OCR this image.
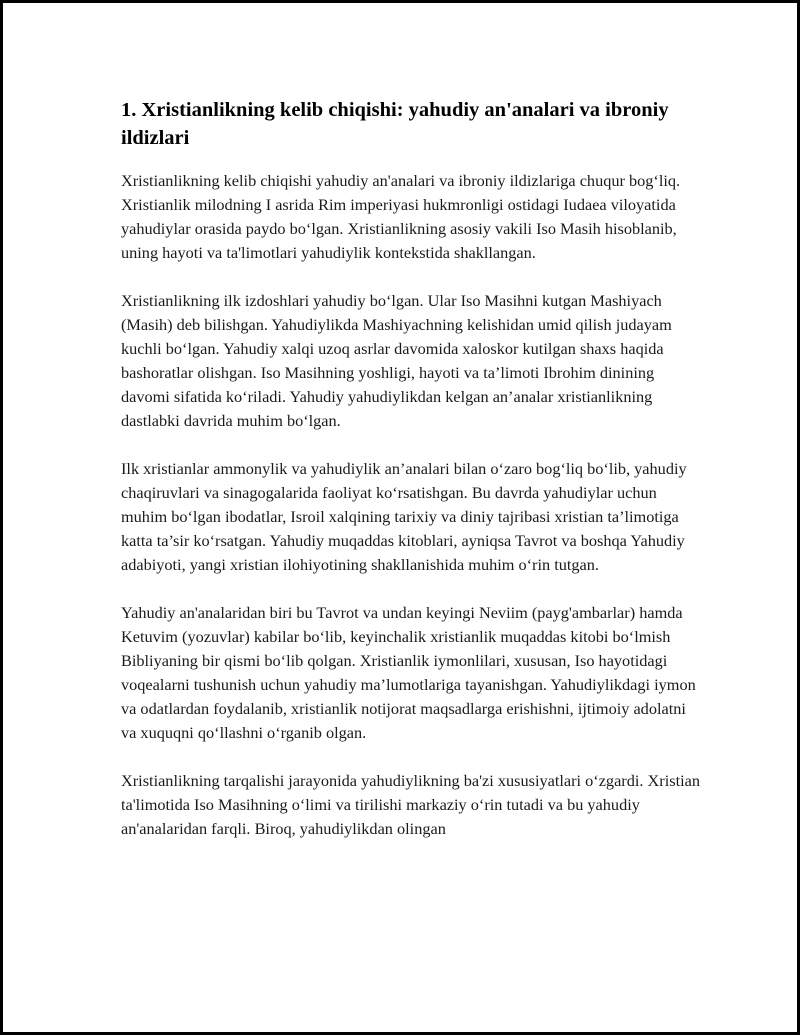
1. Xristianlikning kelib chiqishi: yahudiy an'analari va ibroniy ildizlari

Xristianlikning kelib chiqishi yahudiy an'analari va ibroniy ildizlariga chuqur bog‘liq. Xristianlik milodning I asrida Rim imperiyasi hukmronligi ostidagi Iudaea viloyatida yahudiylar orasida paydo bo‘lgan. Xristianlikning asosiy vakili Iso Masih hisoblanib, uning hayoti va ta'limotlari yahudiylik kontekstida shakllangan.

Xristianlikning ilk izdoshlari yahudiy bo‘lgan. Ular Iso Masihni kutgan Mashiyach (Masih) deb bilishgan. Yahudiylikda Mashiyachning kelishidan umid qilish judayam kuchli bo‘lgan. Yahudiy xalqi uzoq asrlar davomida xaloskor kutilgan shaxs haqida bashoratlar olishgan. Iso Masihning yoshligi, hayoti va ta’limoti Ibrohim dinining davomi sifatida ko‘riladi. Yahudiy yahudiylikdan kelgan an’analar xristianlikning dastlabki davrida muhim bo‘lgan.

Ilk xristianlar ammonylik va yahudiylik an’analari bilan o‘zaro bog‘liq bo‘lib, yahudiy chaqiruvlari va sinagogalarida faoliyat ko‘rsatishgan. Bu davrda yahudiylar uchun muhim bo‘lgan ibodatlar, Isroil xalqining tarixiy va diniy tajribasi xristian ta’limotiga katta ta’sir ko‘rsatgan. Yahudiy muqaddas kitoblari, ayniqsa Tavrot va boshqa Yahudiy adabiyoti, yangi xristian ilohiyotining shakllanishida muhim o‘rin tutgan.

Yahudiy an'analaridan biri bu Tavrot va undan keyingi Neviim (payg'ambarlar) hamda Ketuvim (yozuvlar) kabilar bo‘lib, keyinchalik xristianlik muqaddas kitobi bo‘lmish Bibliyaning bir qismi bo‘lib qolgan. Xristianlik iymonlilari, xususan, Iso hayotidagi voqealarni tushunish uchun yahudiy ma’lumotlariga tayanishgan. Yahudiylikdagi iymon va odatlardan foydalanib, xristianlik notijorat maqsadlarga erishishni, ijtimoiy adolatni va xuquqni qo‘llashni o‘rganib olgan.

Xristianlikning tarqalishi jarayonida yahudiylikning ba'zi xususiyatlari o‘zgardi. Xristian ta'limotida Iso Masihning o‘limi va tirilishi markaziy o‘rin tutadi va bu yahudiy an'analaridan farqli. Biroq, yahudiylikdan olingan
